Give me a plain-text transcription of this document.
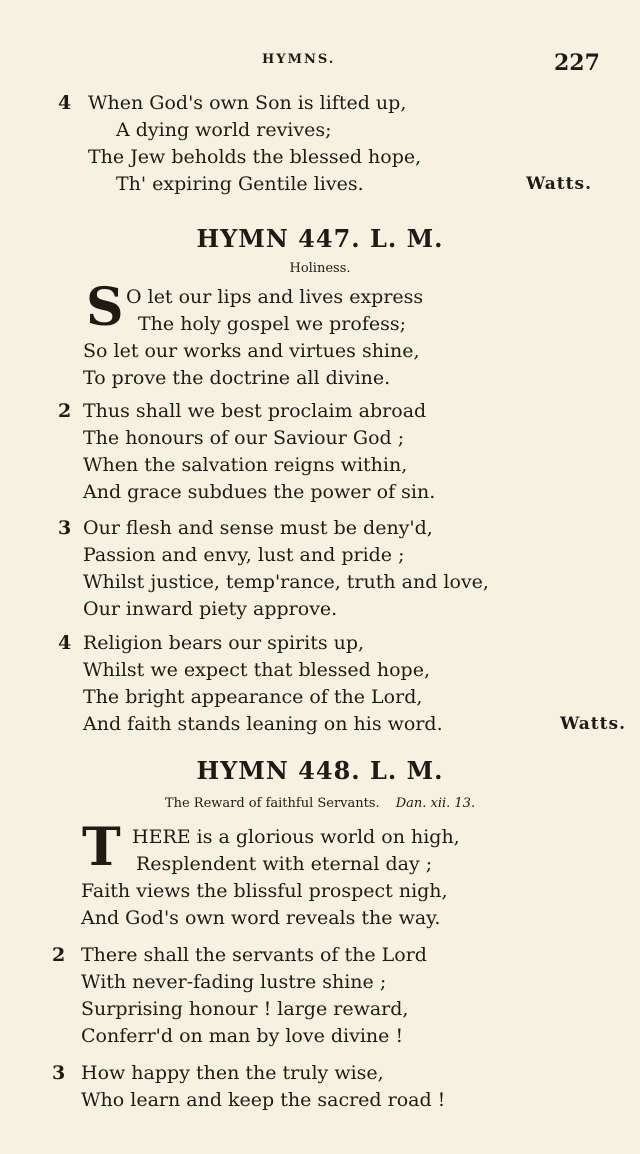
HYMNS.	227
4 When God's own Son is lifted up,
A dying world revives;
The Jew beholds the blessed hope,
Th' expiring Gentile lives.	Watts.
HYMN 447. L. M.
Holiness.
S O let our lips and lives express
The holy gospel we profess;
So let our works and virtues shine,
To prove the doctrine all divine.
2 Thus shall we best proclaim abroad
The honours of our Saviour God ;
When the salvation reigns within,
And grace subdues the power of sin.
3 Our flesh and sense must be deny'd,
Passion and envy, lust and pride ;
Whilst justice, temp'rance, truth and love,
Our inward piety approve.
4 Religion bears our spirits up,
Whilst we expect that blessed hope,
The bright appearance of the Lord,
And faith stands leaning on his word.	Watts.
HYMN 448. L. M.
The Reward of faithful Servants. Dan. xii. 13.
T HERE is a glorious world on high,
Resplendent with eternal day ;
Faith views the blissful prospect nigh,
And God's own word reveals the way.
2 There shall the servants of the Lord
With never-fading lustre shine ;
Surprising honour ! large reward,
Conferr'd on man by love divine !
3 How happy then the truly wise,
Who learn and keep the sacred road !
